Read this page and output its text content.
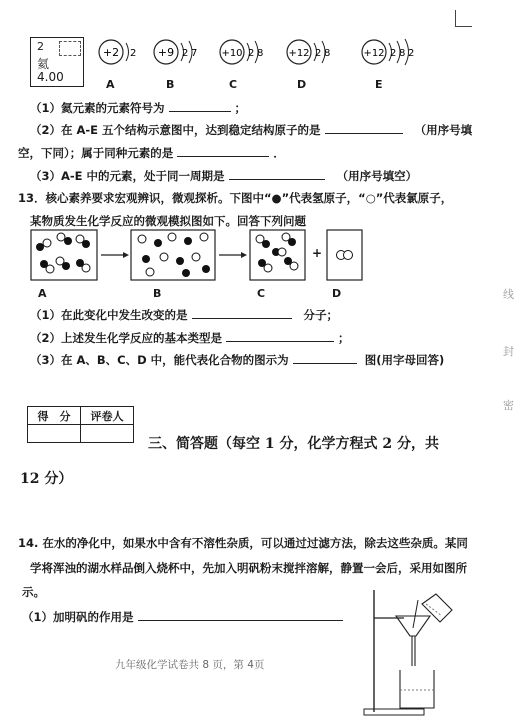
2
氦
4.00
+2 2 +9 2 7 +10 2 8	+12 2 8	+12 2 8 2
A	B	C	D	E
（1）氦元素的元素符号为	；
（2）在 A-E 五个结构示意图中，达到稳定结构原子的是	（用序号填
空，下同）；属于同种元素的是	．
（3）A-E 中的元素，处于同一周期是	（用序号填空）
13．核心素养要求宏观辨识，微观探析。下图中“●”代表氢原子，“○”代表氯原子，
某物质发生化学反应的微观模拟图如下。回答下列问题
+
A	B	C	D
（1）在此变化中发生改变的是	分子；
（2）上述发生化学反应的基本类型是	；
（3）在 A、B、C、D 中，能代表化合物的图示为	图(用字母回答)
得　分	评卷人

三、简答题（每空 1 分，化学方程式 2 分，共
12 分）
14. 在水的净化中，如果水中含有不溶性杂质，可以通过过滤方法，除去这些杂质。某同
学将浑浊的湖水样品倒入烧杯中，先加入明矾粉末搅拌溶解，静置一会后，采用如图所
示。
（1）加明矾的作用是
九年级化学试卷共 8 页，第 4页
线
封
密
